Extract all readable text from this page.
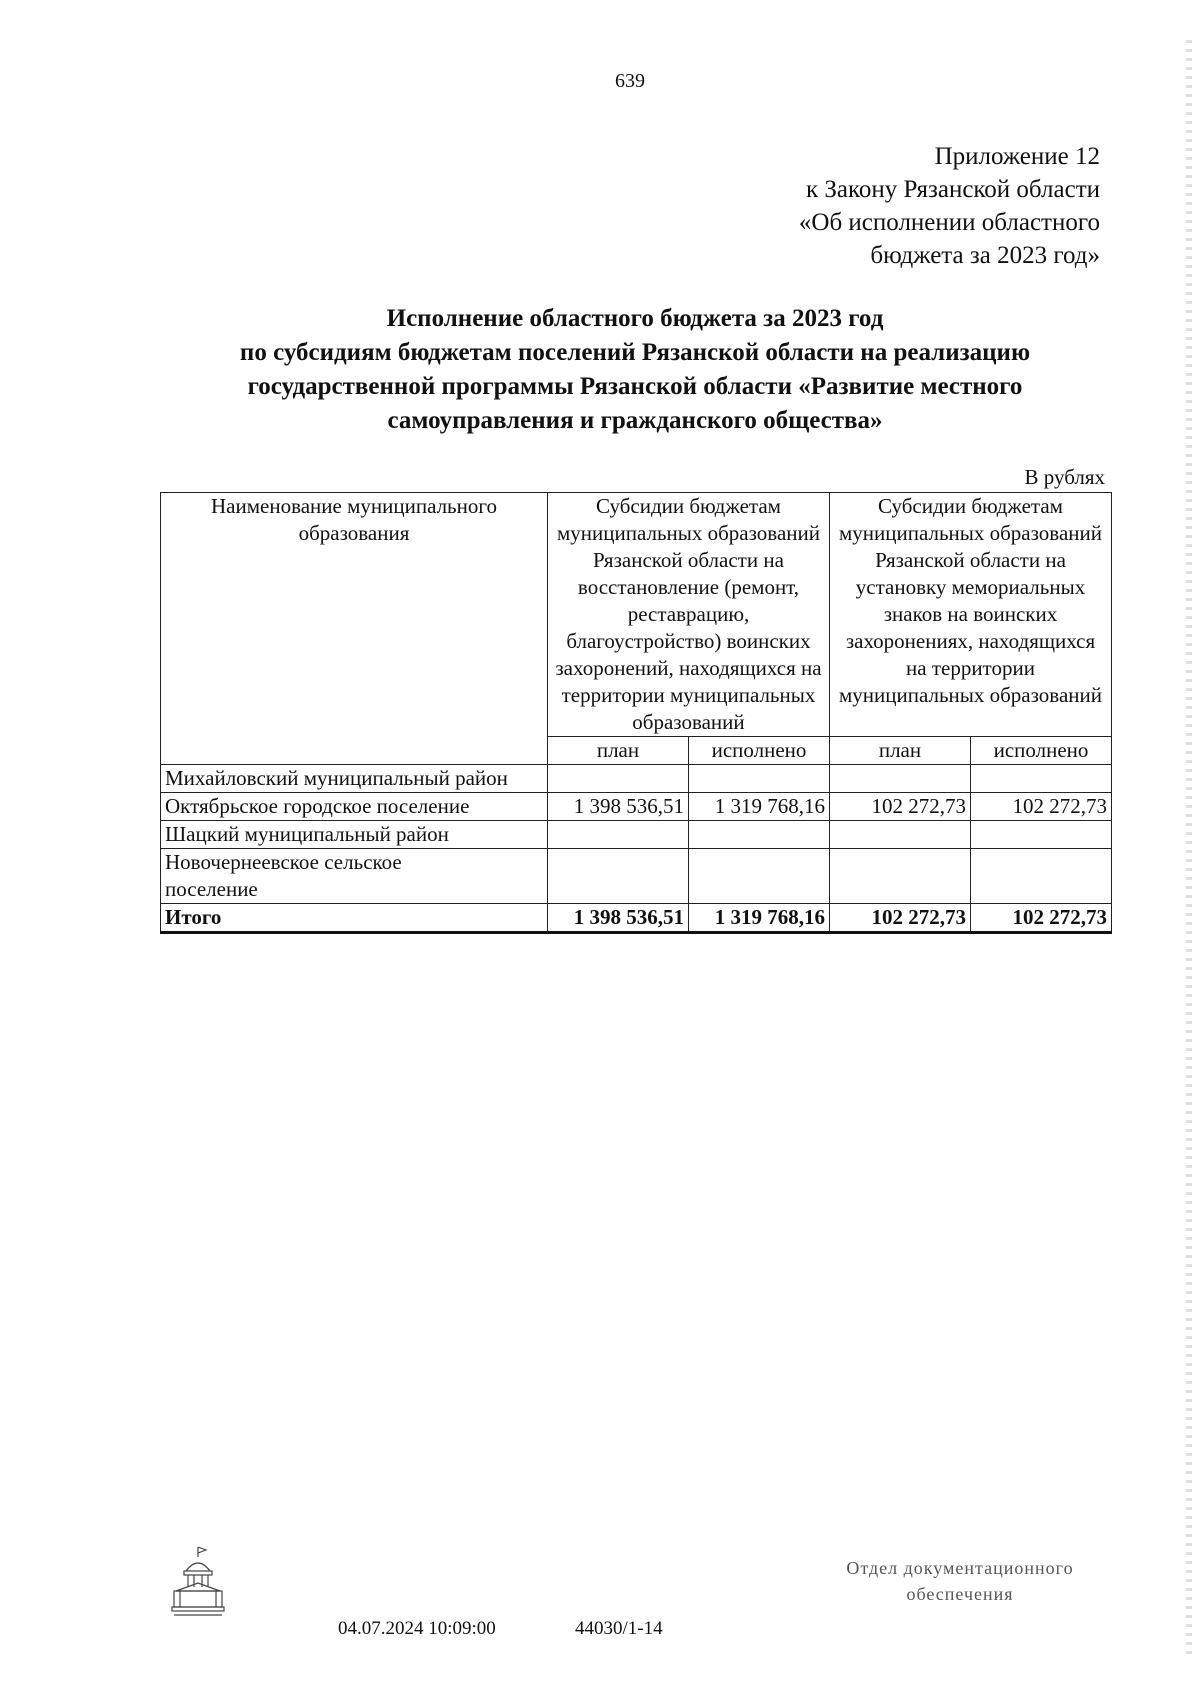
639
Приложение 12
к Закону Рязанской области
«Об исполнении областного
бюджета за 2023 год»
Исполнение областного бюджета за 2023 год
по субсидиям бюджетам поселений Рязанской области на реализацию
государственной программы Рязанской области «Развитие местного
самоуправления и гражданского общества»
В рублях
Наименование муниципального образования	Субсидии бюджетам муниципальных образований Рязанской области на восстановление (ремонт, реставрацию, благоустройство) воинских захоронений, находящихся на территории муниципальных образований		Субсидии бюджетам муниципальных образований Рязанской области на установку мемориальных знаков на воинских захоронениях, находящихся на территории муниципальных образований	
	план	исполнено	план	исполнено
Михайловский муниципальный район				
Октябрьское городское поселение	1 398 536,51	1 319 768,16	102 272,73	102 272,73
Шацкий муниципальный район				
Новочернеевское сельское поселение				
Итого	1 398 536,51	1 319 768,16	102 272,73	102 272,73
04.07.2024 10:09:00	44030/1-14
Отдел документационного
обеспечения
